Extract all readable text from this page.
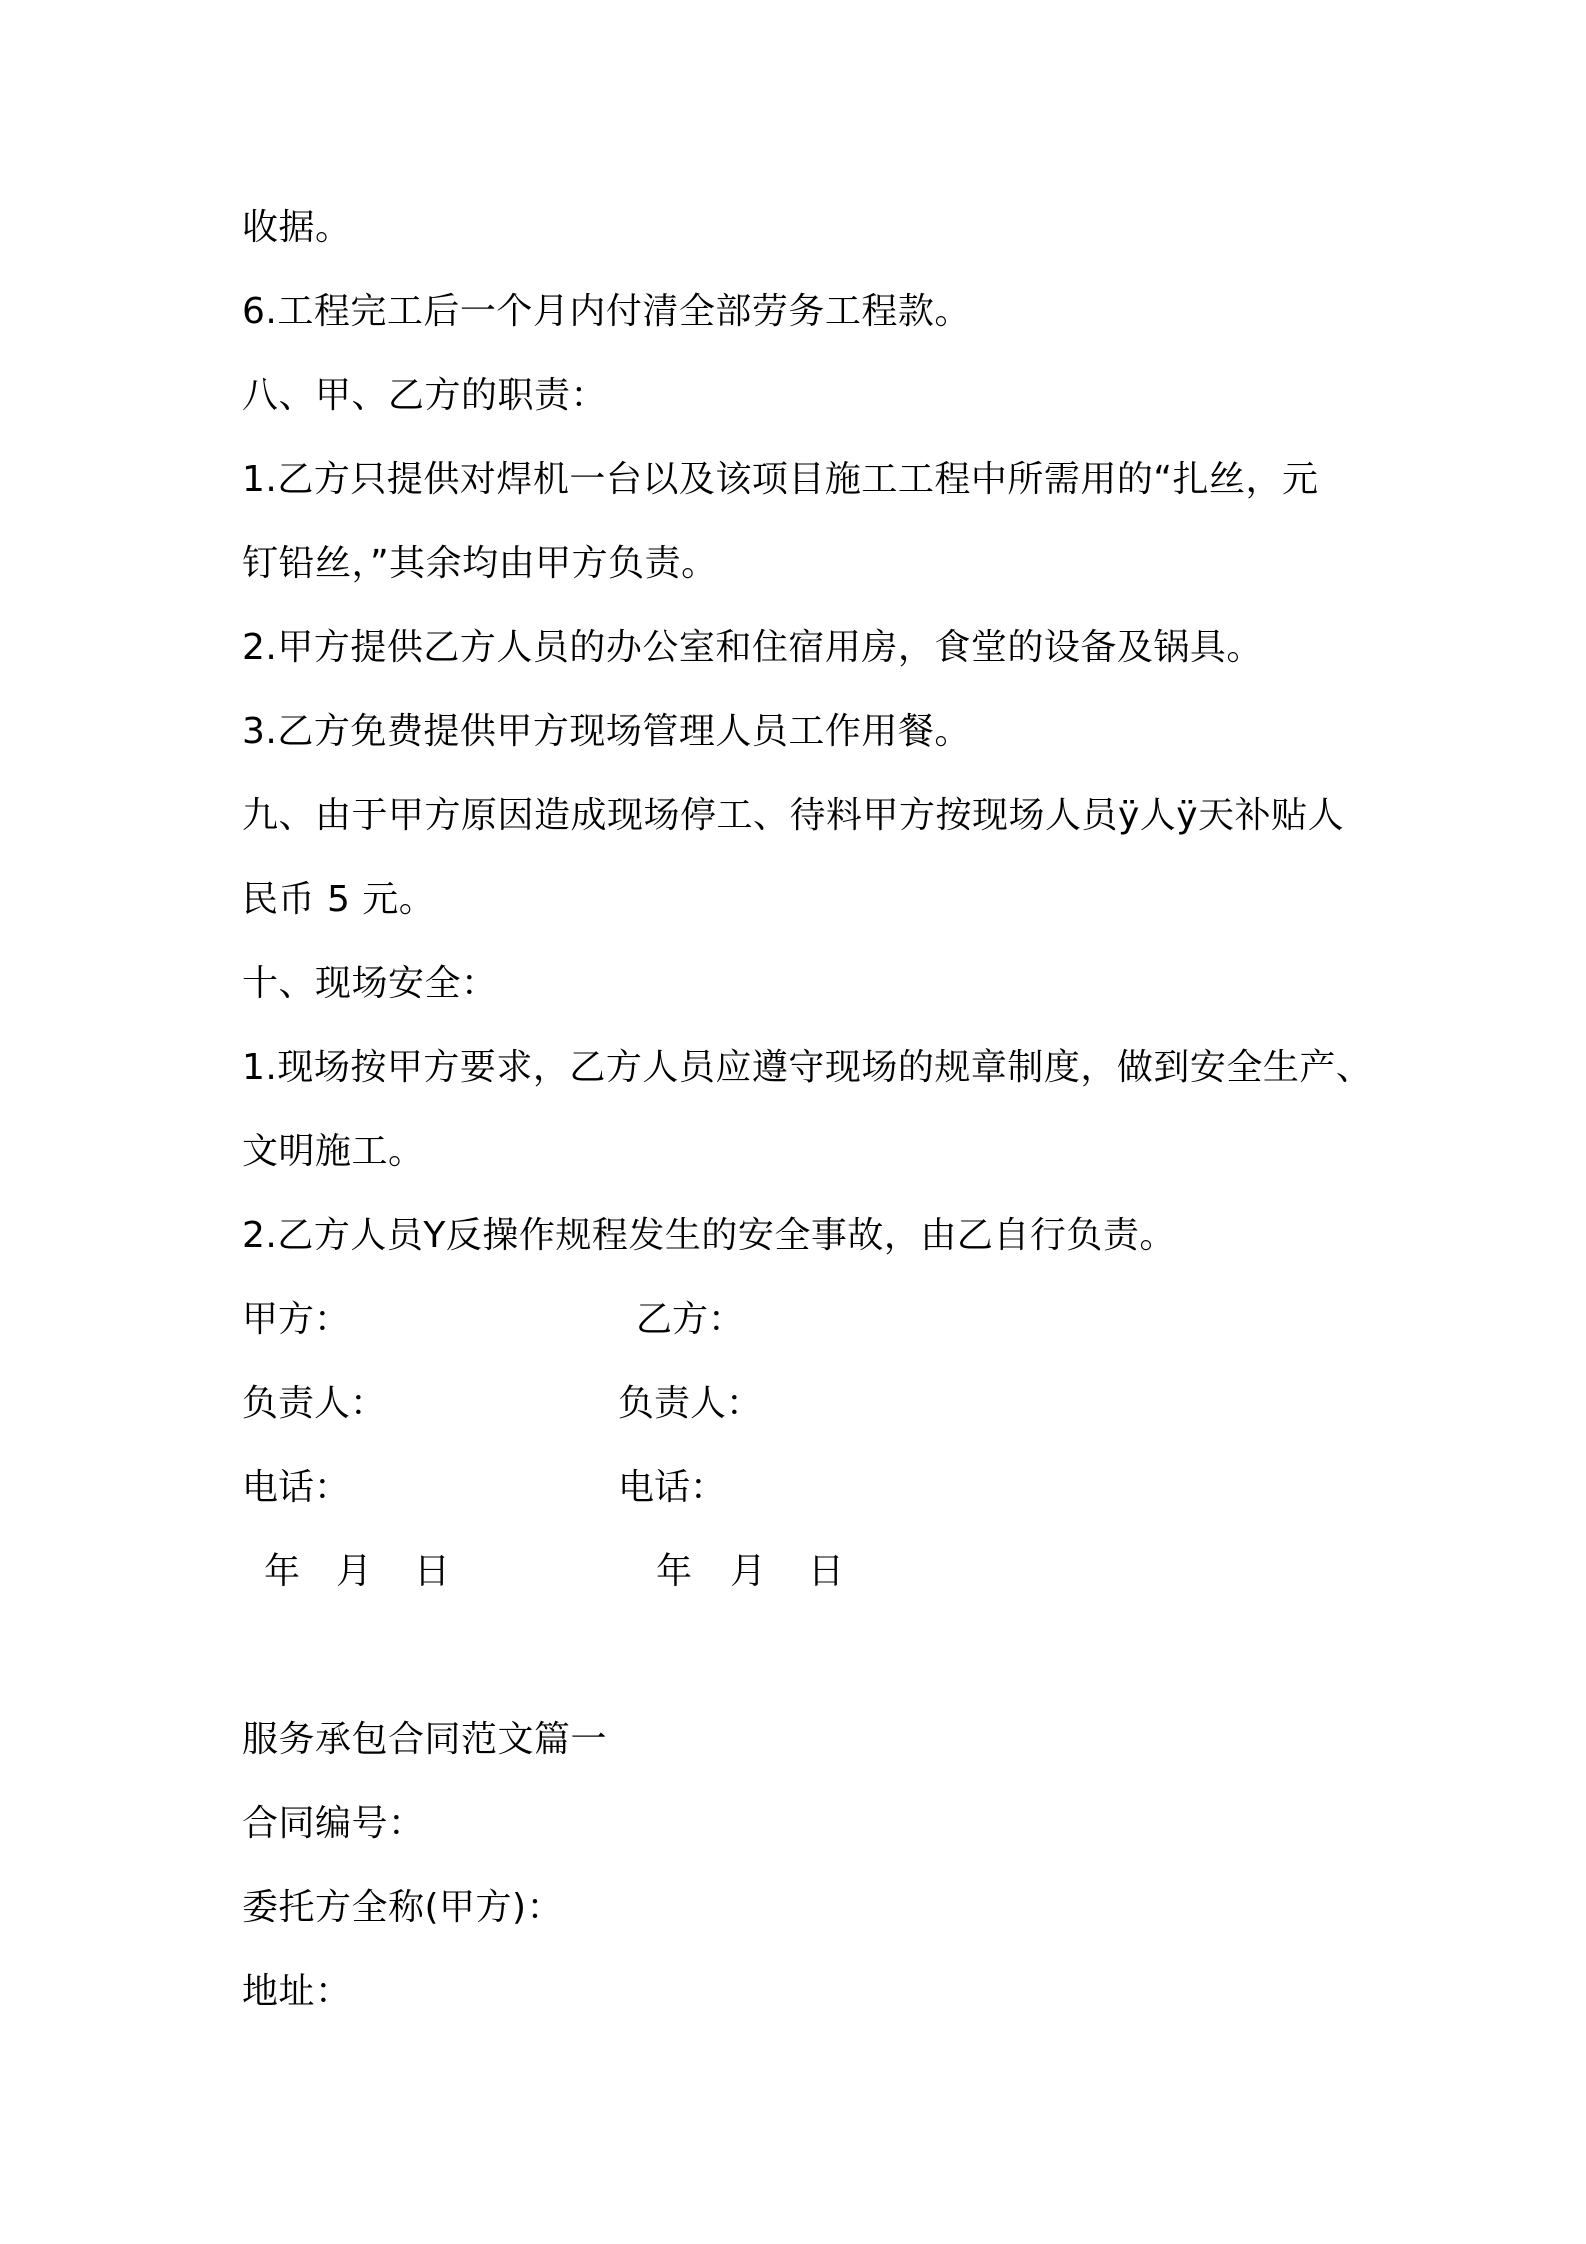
收据。
6.工程完工后一个月内付清全部劳务工程款。
八、甲、乙方的职责：
1.乙方只提供对焊机一台以及该项目施工工程中所需用的“扎丝，元
钉铅丝，”其余均由甲方负责。
2.甲方提供乙方人员的办公室和住宿用房，食堂的设备及锅具。
3.乙方免费提供甲方现场管理人员工作用餐。
九、由于甲方原因造成现场停工、待料甲方按现场人员ÿ人ÿ天补贴人
民币 5 元。
十、现场安全：
1.现场按甲方要求，乙方人员应遵守现场的规章制度，做到安全生产、
文明施工。
2.乙方人员Y反操作规程发生的安全事故，由乙自行负责。
甲方：	乙方：
负责人：	负责人：
电话：	电话：
年 月 日	年 月 日
服务承包合同范文篇一
合同编号：
委托方全称(甲方)：
地址：
